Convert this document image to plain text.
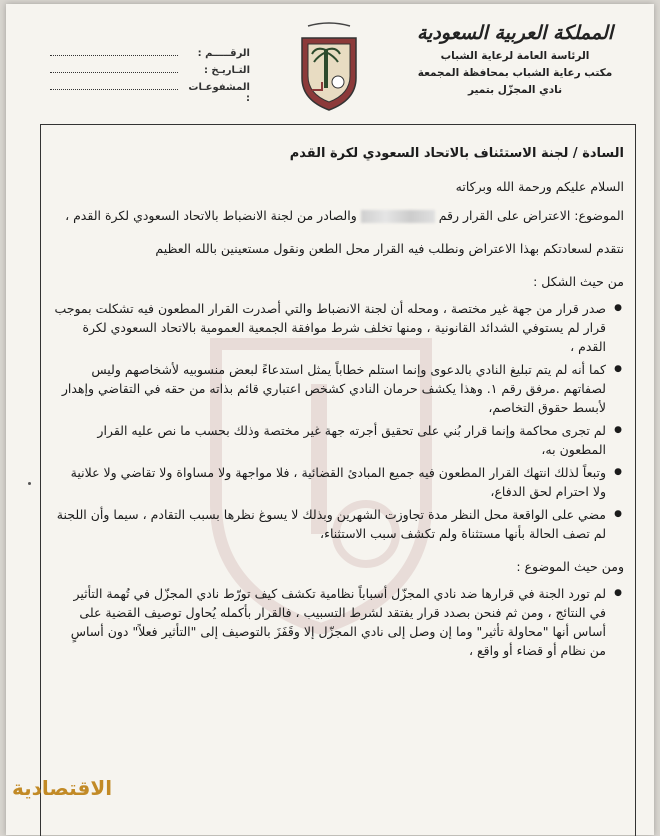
المملكة العربية السعودية
الرئاسة العامة لرعاية الشباب
مكتب رعاية الشباب بمحافظة المجمعة
نادي المجزّل بتمير
الرقـــــم :
التـاريـخ :
المشفوعـات :
السادة / لجنة الاستئناف بالاتحاد السعودي لكرة القدم
السلام عليكم ورحمة الله وبركاته
الموضوع: الاعتراض على القرار رقم  والصادر من لجنة الانضباط بالاتحاد السعودي لكرة القدم ،
نتقدم لسعادتكم بهذا الاعتراض ونطلب فيه القرار محل الطعن ونقول مستعينين بالله العظيم
من حيث الشكل :
● صدر قرار من جهة غير مختصة ، ومحله أن لجنة الانضباط والتي أصدرت القرار المطعون فيه تشكلت بموجب قرار لم يستوفي الشدائد القانونية ، ومنها تخلف شرط موافقة الجمعية العمومية بالاتحاد السعودي لكرة القدم ،
● كما أنه لم يتم تبليغ النادي بالدعوى وإنما استلم خطاباً يمثل استدعاءً لبعض منسوبيه لأشخاصهم وليس لصفاتهم .مرفق رقم ١. وهذا يكشف حرمان النادي كشخص اعتباري قائم بذاته من حقه في التقاضي وإهدار لأبسط حقوق التخاصم،
● لم تجرى محاكمة وإنما قرار بُني على تحقيق أجرته جهة غير مختصة وذلك بحسب ما نص عليه القرار المطعون به،
● وتبعاً لذلك انتهك القرار المطعون فيه جميع المبادئ القضائية ، فلا مواجهة ولا مساواة ولا تقاضي ولا علانية ولا احترام لحق الدفاع،
● مضي على الواقعة محل النظر مدة تجاوزت الشهرين وبذلك لا يسوغ نظرها بسبب التقادم ، سيما وأن اللجنة لم تصف الحالة بأنها مستثناة ولم تكشف سبب الاستثناء،
ومن حيث الموضوع :
● لم تورد الجنة في قرارها ضد نادي المجزّل أسباباً نظامية تكشف كيف تورّط نادي المجزّل في تُهمة التأثير في النتائج ، ومن ثم فنحن بصدد قرار يفتقد لشرط التسبيب ، فالقرار بأكمله يُحاول توصيف القضية على أساس أنها "محاولة تأثير" وما إن وصل إلى نادي المجزّل إلا وقَفَزَ بالتوصيف إلى "التأثير فعلاً" دون أساسٍ من نظام أو قضاء أو واقع ،
الاقتصادية
